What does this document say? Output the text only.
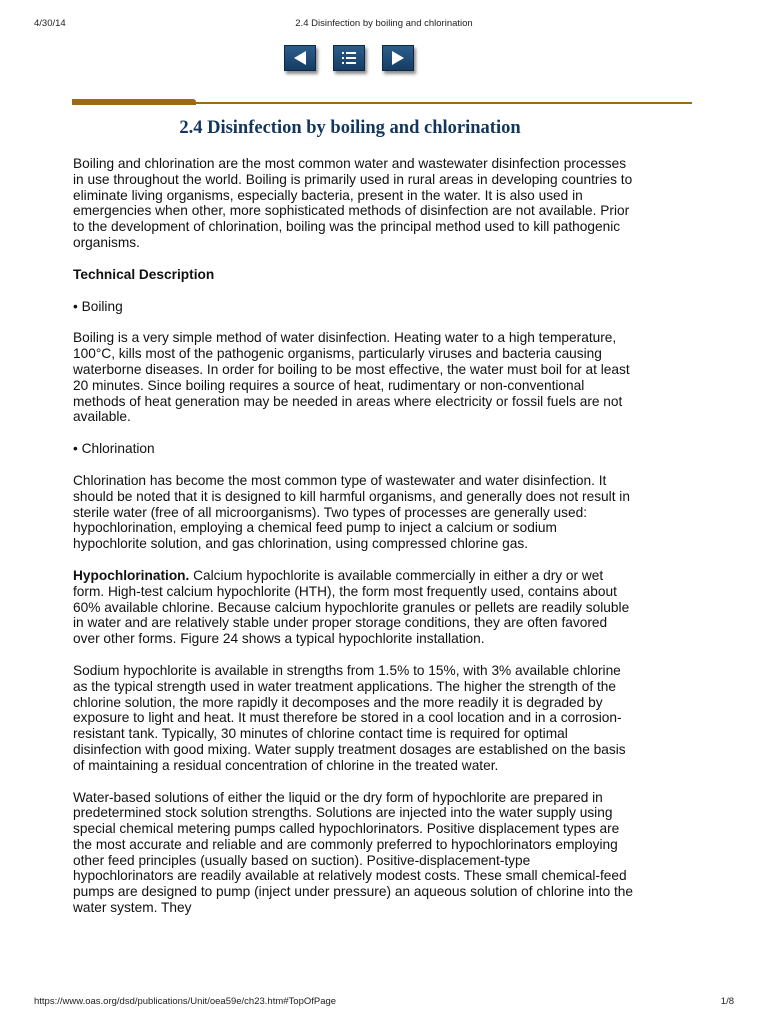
4/30/14	2.4 Disinfection by boiling and chlorination
2.4 Disinfection by boiling and chlorination

Boiling and chlorination are the most common water and wastewater disinfection processes in use throughout the world. Boiling is primarily used in rural areas in developing countries to eliminate living organisms, especially bacteria, present in the water. It is also used in emergencies when other, more sophisticated methods of disinfection are not available. Prior to the development of chlorination, boiling was the principal method used to kill pathogenic organisms.

Technical Description
• Boiling

Boiling is a very simple method of water disinfection. Heating water to a high temperature, 100°C, kills most of the pathogenic organisms, particularly viruses and bacteria causing waterborne diseases. In order for boiling to be most effective, the water must boil for at least 20 minutes. Since boiling requires a source of heat, rudimentary or non-conventional methods of heat generation may be needed in areas where electricity or fossil fuels are not available.

• Chlorination

Chlorination has become the most common type of wastewater and water disinfection. It should be noted that it is designed to kill harmful organisms, and generally does not result in sterile water (free of all microorganisms). Two types of processes are generally used: hypochlorination, employing a chemical feed pump to inject a calcium or sodium hypochlorite solution, and gas chlorination, using compressed chlorine gas.

Hypochlorination. Calcium hypochlorite is available commercially in either a dry or wet form. High-test calcium hypochlorite (HTH), the form most frequently used, contains about 60% available chlorine. Because calcium hypochlorite granules or pellets are readily soluble in water and are relatively stable under proper storage conditions, they are often favored over other forms. Figure 24 shows a typical hypochlorite installation.

Sodium hypochlorite is available in strengths from 1.5% to 15%, with 3% available chlorine as the typical strength used in water treatment applications. The higher the strength of the chlorine solution, the more rapidly it decomposes and the more readily it is degraded by exposure to light and heat. It must therefore be stored in a cool location and in a corrosion-resistant tank. Typically, 30 minutes of chlorine contact time is required for optimal disinfection with good mixing. Water supply treatment dosages are established on the basis of maintaining a residual concentration of chlorine in the treated water.

Water-based solutions of either the liquid or the dry form of hypochlorite are prepared in predetermined stock solution strengths. Solutions are injected into the water supply using special chemical metering pumps called hypochlorinators. Positive displacement types are the most accurate and reliable and are commonly preferred to hypochlorinators employing other feed principles (usually based on suction). Positive-displacement-type hypochlorinators are readily available at relatively modest costs. These small chemical-feed pumps are designed to pump (inject under pressure) an aqueous solution of chlorine into the water system. They

https://www.oas.org/dsd/publications/Unit/oea59e/ch23.htm#TopOfPage	1/8
